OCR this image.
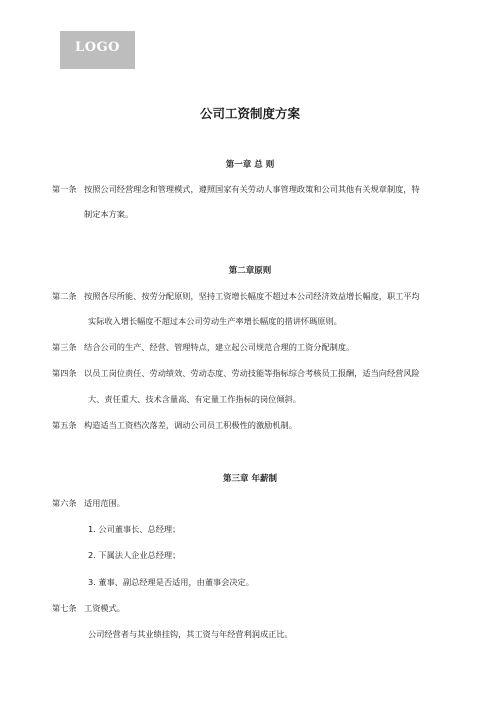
LOGO
公司工资制度方案
第一章 总 则
第一条 按照公司经营理念和管理模式，遵照国家有关劳动人事管理政策和公司其他有关规章制度，特
制定本方案。
第二章原则
第二条 按照各尽所能、按劳分配原则，坚持工资增长幅度不超过本公司经济效益增长幅度，职工平均
实际收入增长幅度不超过本公司劳动生产率增长幅度的措讲怀瑪原则。
第三条 结合公司的生产、经营、管理特点，建立起公司规范合理的工资分配制度。
第四条 以员工岗位责任、劳动绩效、劳动态度、劳动技能等指标综合考核员工报酬，适当向经营风险
大、责任重大、技术含量高、有定量工作指标的岗位倾斜。
第五条 构造适当工资档次落差，调动公司员工积极性的激励机制。
第三章 年薪制
第六条 适用范围。
1. 公司董事长、总经理；
2. 下属法人企业总经理；
3. 董事、副总经理是否适用，由董事会决定。
第七条 工资模式。
公司经营者与其业绩挂钩，其工资与年经营利润成正比。
